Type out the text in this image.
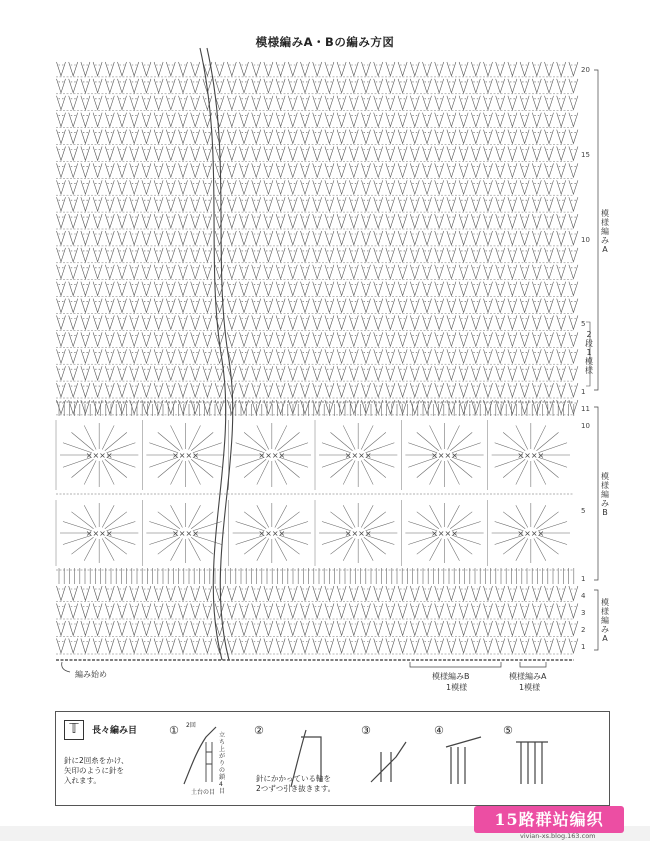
模様編みA・Bの編み方図
××××	××××	××××	××××	××××	××××
××××	××××	××××	××××	××××	××××
20
15
10
5
1
11
10
5
1
4
3
2
1
模様編みA
2段1模様
模様編みB
模様編みA
編み始め	模様編みB
1模様
模様編みA
1模様
𝕋	長々編み目
針に2回糸をかけ、
矢印のように針を
入れます。
①	②	③	④	⑤
2回
立ち上がりの鎖4目
土台の目
針にかかっている輪を
2つずつ引き抜きます。
15路群站编织
vivian-xs.blog.163.com
